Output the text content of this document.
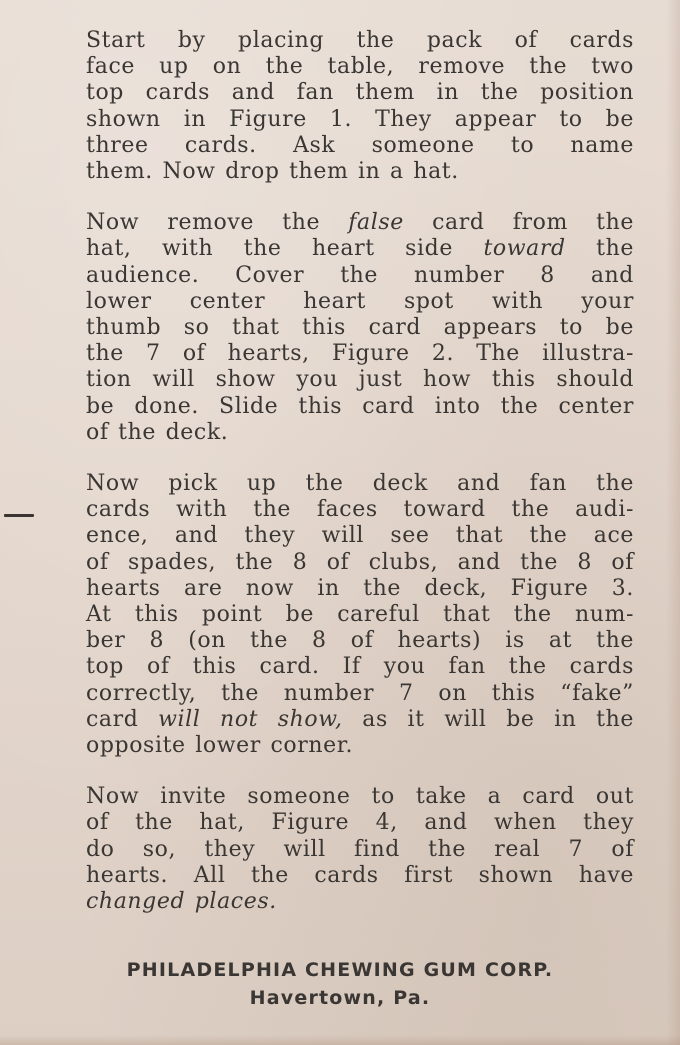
Start by placing the pack of cards
face up on the table, remove the two
top cards and fan them in the position
shown in Figure 1. They appear to be
three cards. Ask someone to name
them. Now drop them in a hat.
Now remove the false card from the
hat, with the heart side toward the
audience. Cover the number 8 and
lower center heart spot with your
thumb so that this card appears to be
the 7 of hearts, Figure 2. The illustra-
tion will show you just how this should
be done. Slide this card into the center
of the deck.
Now pick up the deck and fan the
cards with the faces toward the audi-
ence, and they will see that the ace
of spades, the 8 of clubs, and the 8 of
hearts are now in the deck, Figure 3.
At this point be careful that the num-
ber 8 (on the 8 of hearts) is at the
top of this card. If you fan the cards
correctly, the number 7 on this “fake”
card will not show, as it will be in the
opposite lower corner.
Now invite someone to take a card out
of the hat, Figure 4, and when they
do so, they will find the real 7 of
hearts. All the cards first shown have
changed places.
PHILADELPHIA CHEWING GUM CORP.
Havertown, Pa.
